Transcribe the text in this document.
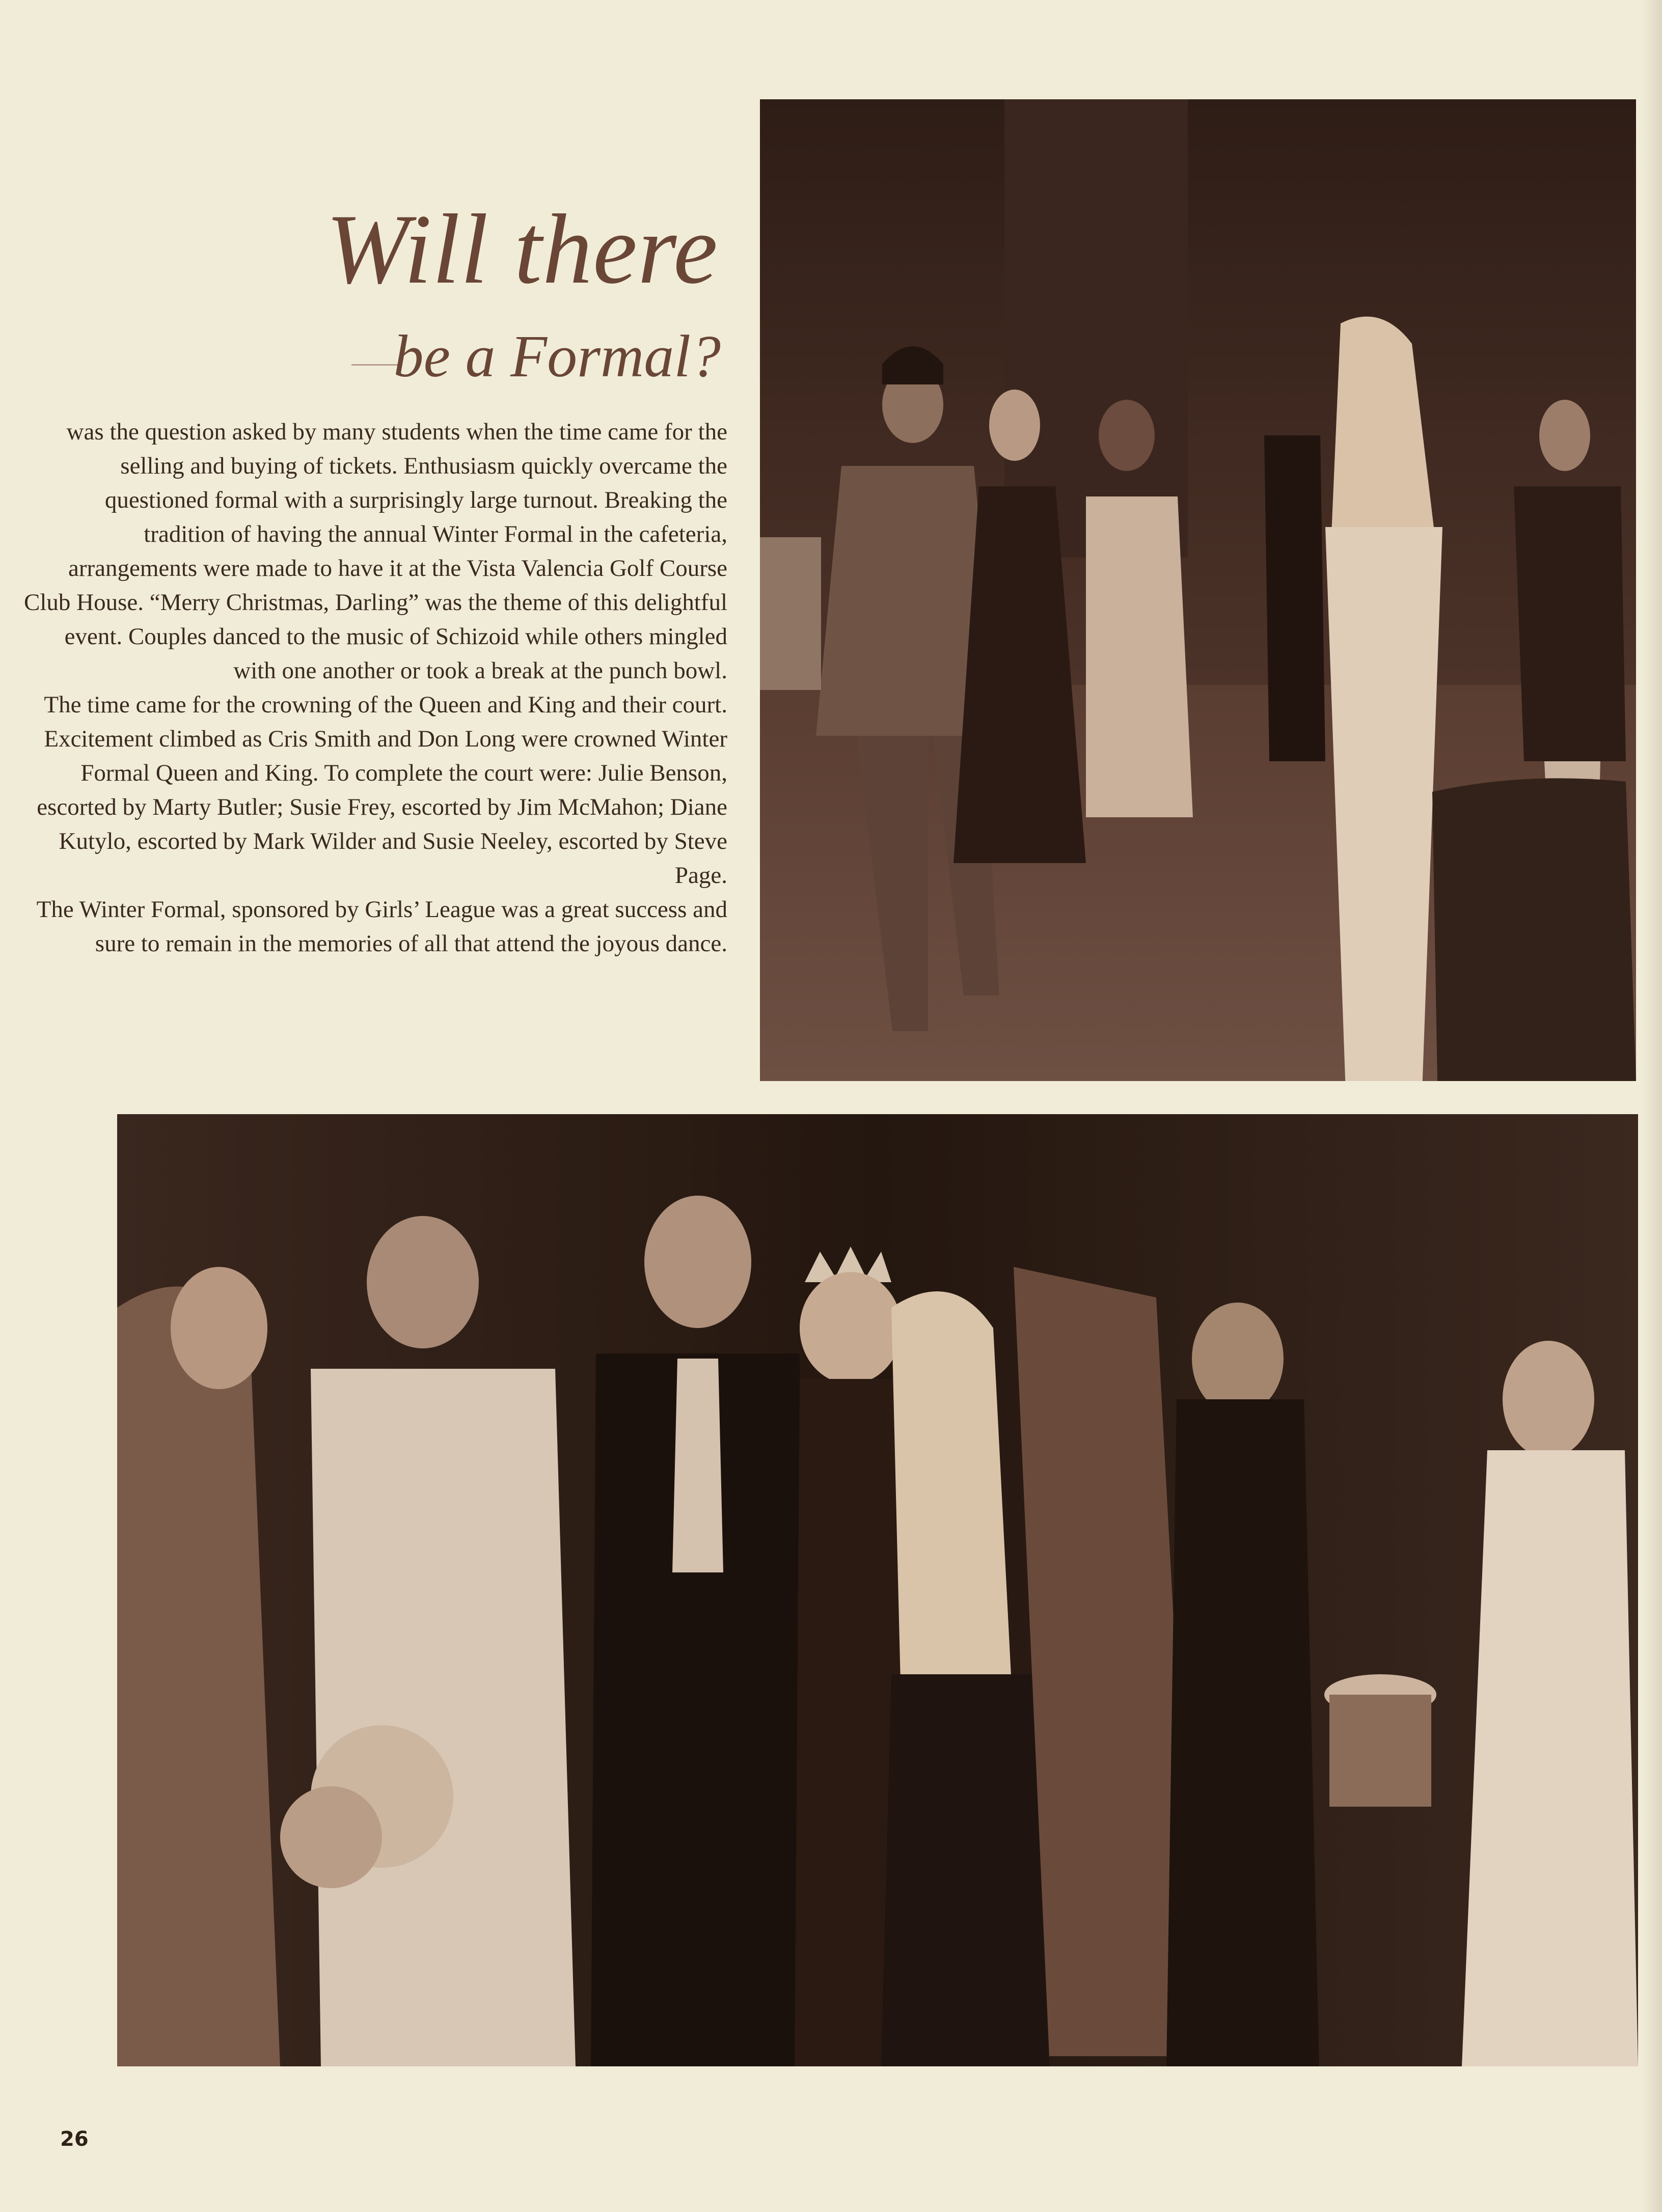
Will there
be a Formal?

was the question asked by many students when the time came for the selling and buying of tickets. Enthusiasm quickly overcame the questioned formal with a surprisingly large turnout. Breaking the tradition of having the annual Winter Formal in the cafeteria, arrangements were made to have it at the Vista Valencia Golf Course Club House. “Merry Christmas, Darling” was the theme of this delightful event. Couples danced to the music of Schizoid while others mingled with one another or took a break at the punch bowl.

The time came for the crowning of the Queen and King and their court. Excitement climbed as Cris Smith and Don Long were crowned Winter Formal Queen and King. To complete the court were: Julie Benson, escorted by Marty Butler; Susie Frey, escorted by Jim McMahon; Diane Kutylo, escorted by Mark Wilder and Susie Neeley, escorted by Steve Page.

The Winter Formal, sponsored by Girls’ League was a great success and sure to remain in the memories of all that attend the joyous dance.

26
